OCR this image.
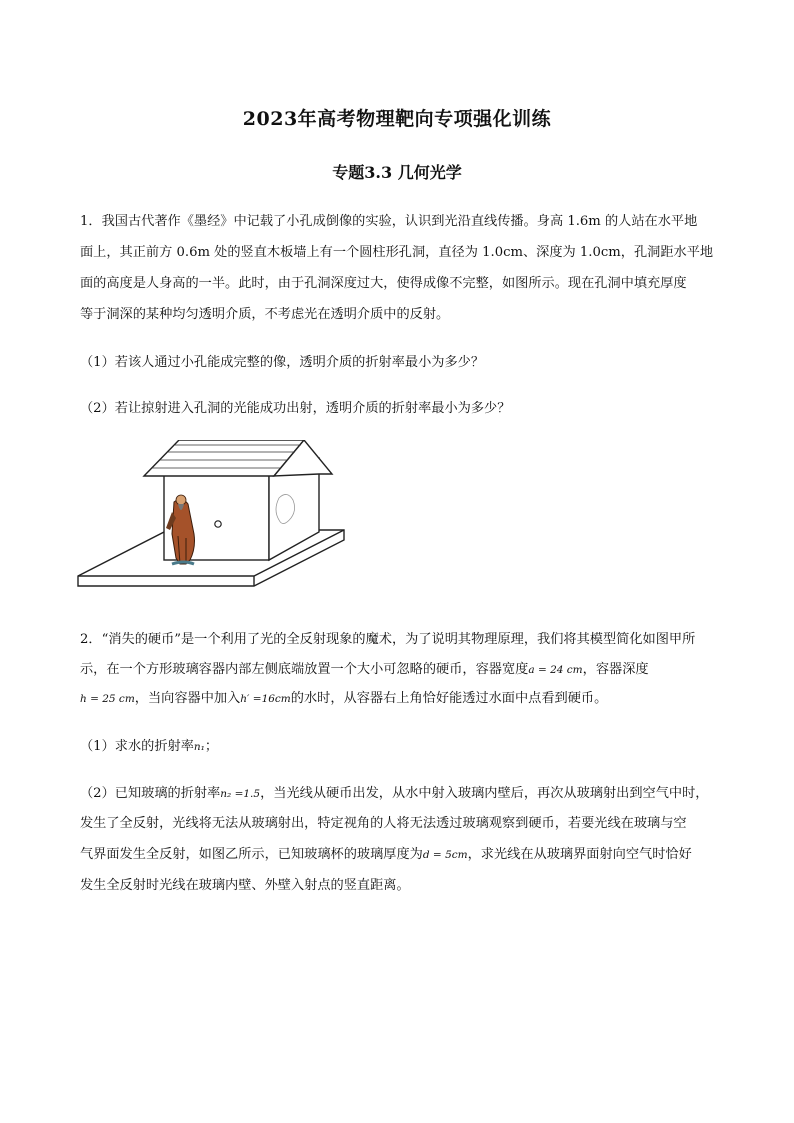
2023年高考物理靶向专项强化训练
专题3.3 几何光学
1．我国古代著作《墨经》中记载了小孔成倒像的实验，认识到光沿直线传播。身高 1.6m 的人站在水平地
面上，其正前方 0.6m 处的竖直木板墙上有一个圆柱形孔洞，直径为 1.0cm、深度为 1.0cm，孔洞距水平地
面的高度是人身高的一半。此时，由于孔洞深度过大，使得成像不完整，如图所示。现在孔洞中填充厚度
等于洞深的某种均匀透明介质，不考虑光在透明介质中的反射。
（1）若该人通过小孔能成完整的像，透明介质的折射率最小为多少？
（2）若让掠射进入孔洞的光能成功出射，透明介质的折射率最小为多少？
2．“消失的硬币”是一个利用了光的全反射现象的魔术，为了说明其物理原理，我们将其模型简化如图甲所
示，在一个方形玻璃容器内部左侧底端放置一个大小可忽略的硬币，容器宽度a = 24 cm，容器深度
h = 25 cm，当向容器中加入h′ =16cm的水时，从容器右上角恰好能透过水面中点看到硬币。
（1）求水的折射率n₁；
（2）已知玻璃的折射率n₂ =1.5，当光线从硬币出发，从水中射入玻璃内壁后，再次从玻璃射出到空气中时，
发生了全反射，光线将无法从玻璃射出，特定视角的人将无法透过玻璃观察到硬币，若要光线在玻璃与空
气界面发生全反射，如图乙所示，已知玻璃杯的玻璃厚度为d = 5cm，求光线在从玻璃界面射向空气时恰好
发生全反射时光线在玻璃内壁、外壁入射点的竖直距离。
